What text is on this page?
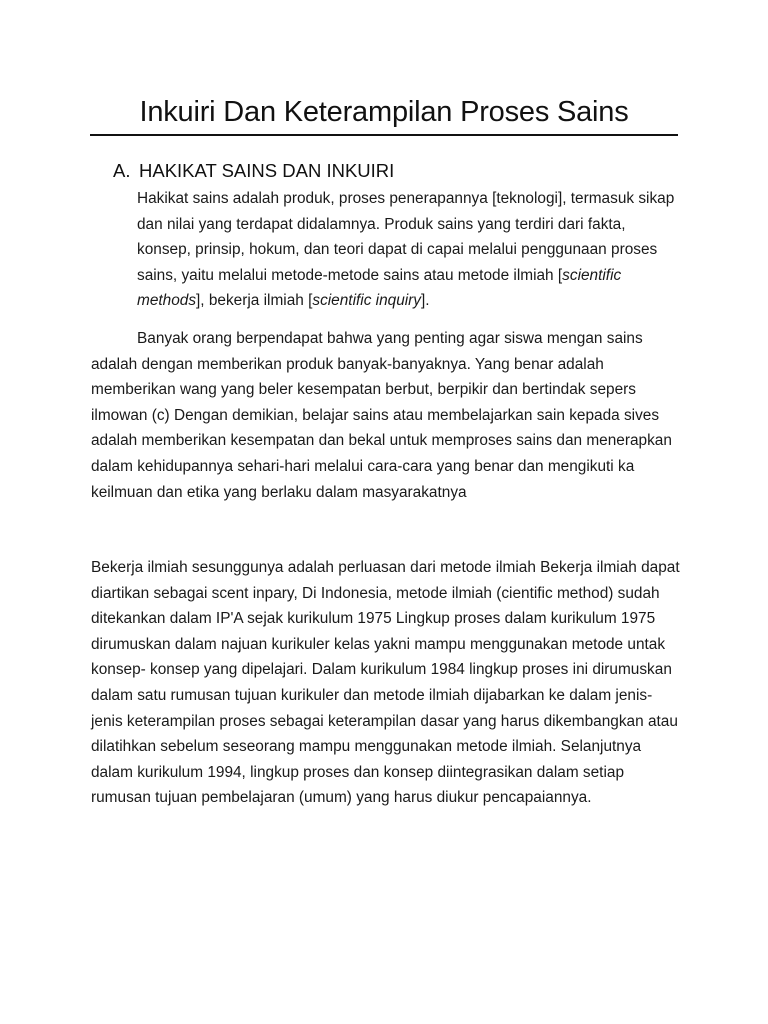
Inkuiri Dan Keterampilan Proses Sains
A. HAKIKAT SAINS DAN INKUIRI

Hakikat sains adalah produk, proses penerapannya [teknologi], termasuk sikap dan nilai yang terdapat didalamnya. Produk sains yang terdiri dari fakta, konsep, prinsip, hokum, dan teori dapat di capai melalui penggunaan proses sains, yaitu melalui metode-metode sains atau metode ilmiah [scientific methods], bekerja ilmiah [scientific inquiry].

Banyak orang berpendapat bahwa yang penting agar siswa mengan sains adalah dengan memberikan produk banyak-banyaknya. Yang benar adalah memberikan wang yang beler kesempatan berbut, berpikir dan bertindak sepers ilmowan (c) Dengan demikian, belajar sains atau membelajarkan sain kepada sives adalah memberikan kesempatan dan bekal untuk memproses sains dan menerapkan dalam kehidupannya sehari-hari melalui cara-cara yang benar dan mengikuti ka keilmuan dan etika yang berlaku dalam masyarakatnya

Bekerja ilmiah sesunggunya adalah perluasan dari metode ilmiah Bekerja ilmiah dapat diartikan sebagai scent inpary, Di Indonesia, metode ilmiah (cientific method) sudah ditekankan dalam IP'A sejak kurikulum 1975 Lingkup proses dalam kurikulum 1975 dirumuskan dalam najuan kurikuler kelas yakni mampu menggunakan metode untak konsep- konsep yang dipelajari. Dalam kurikulum 1984 lingkup proses ini dirumuskan dalam satu rumusan tujuan kurikuler dan metode ilmiah dijabarkan ke dalam jenis-jenis keterampilan proses sebagai keterampilan dasar yang harus dikembangkan atau dilatihkan sebelum seseorang mampu menggunakan metode ilmiah. Selanjutnya dalam kurikulum 1994, lingkup proses dan konsep diintegrasikan dalam setiap rumusan tujuan pembelajaran (umum) yang harus diukur pencapaiannya.
